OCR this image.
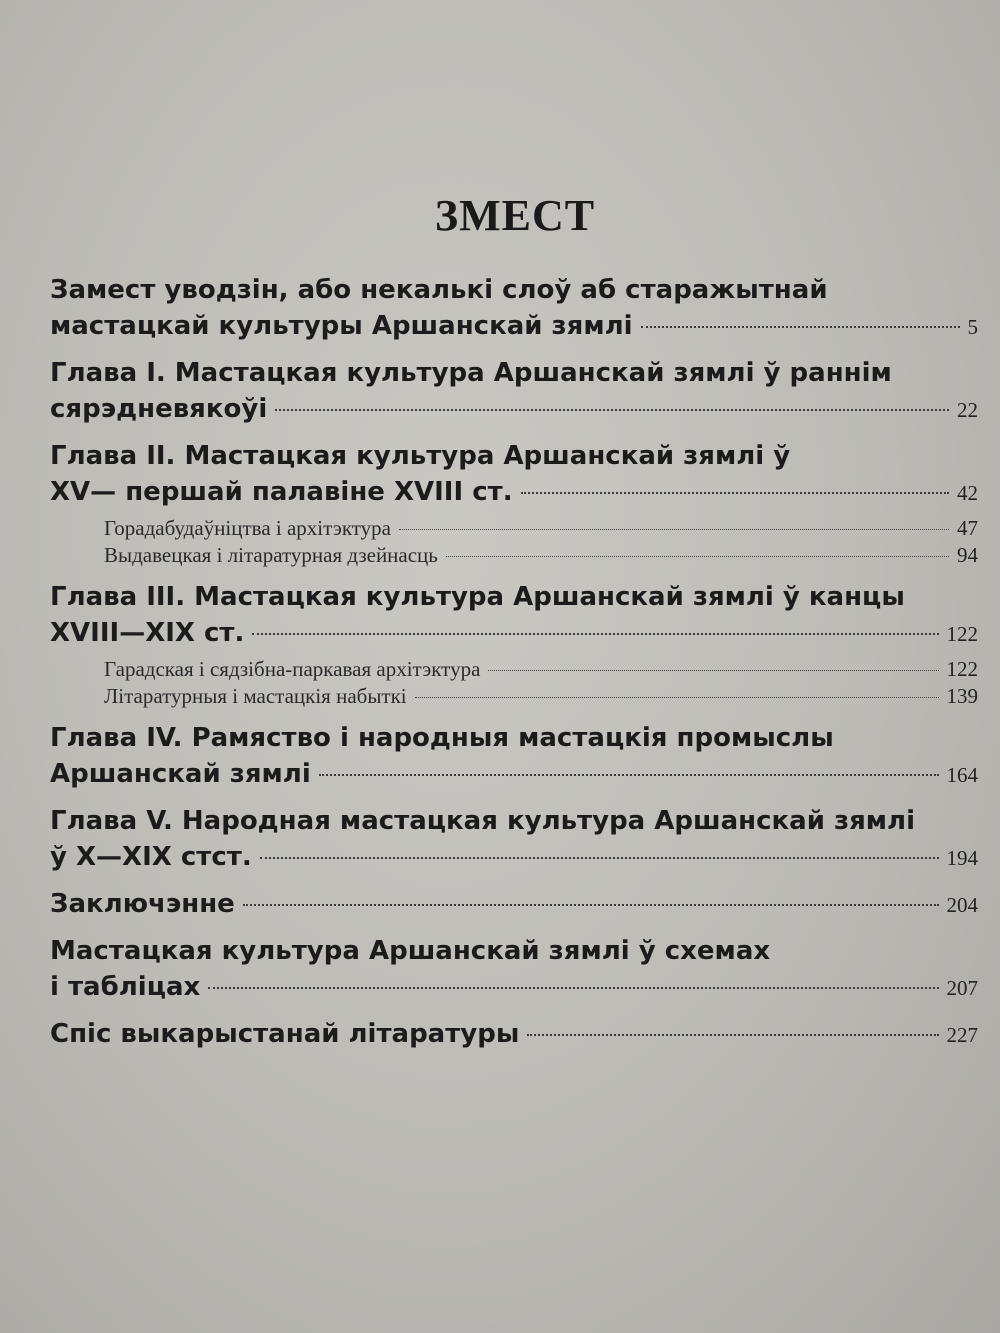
ЗМЕСТ
Замест уводзін, або некалькі слоў аб старажытнай
мастацкай культуры Аршанскай зямлі	5
Глава I. Мастацкая культура Аршанскай зямлі ў раннім
сярэдневякоўі	22
Глава II. Мастацкая культура Аршанскай зямлі ў
XV— першай палавіне XVIII ст.	42
Горадабудаўніцтва і архітэктура	47
Выдавецкая і літаратурная дзейнасць	94
Глава III. Мастацкая культура Аршанскай зямлі ў канцы
XVIII—XIX ст.	122
Гарадская і сядзібна-паркавая архітэктура	122
Літаратурныя і мастацкія набыткі	139
Глава IV. Рамяство і народныя мастацкія промыслы
Аршанскай зямлі	164
Глава V. Народная мастацкая культура Аршанскай зямлі
ў X—XIX стст.	194
Заключэнне	204
Мастацкая культура Аршанскай зямлі ў схемах
і табліцах	207
Спіс выкарыстанай літаратуры	227
